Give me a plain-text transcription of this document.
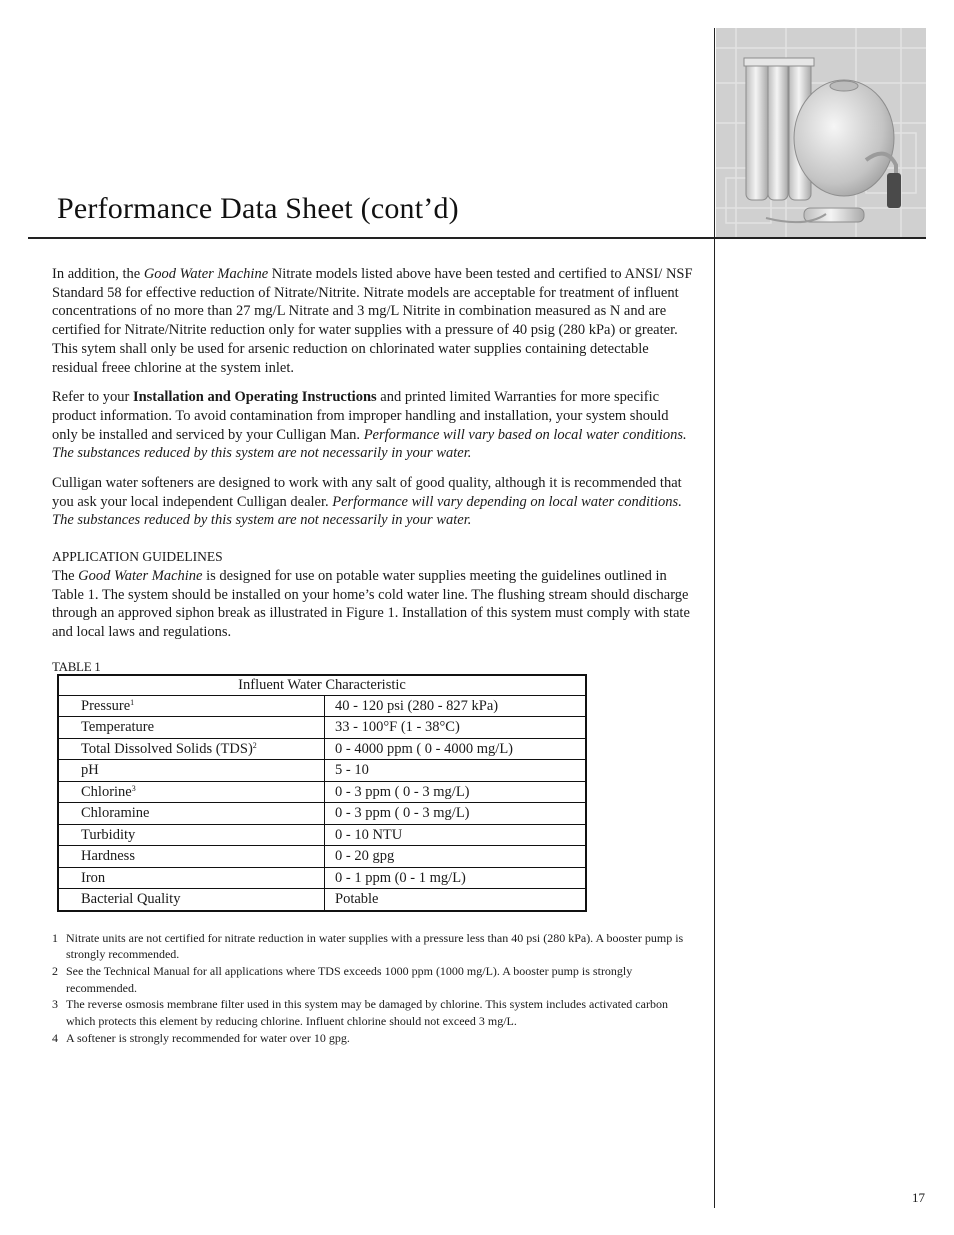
Performance Data Sheet (cont’d)

In addition, the Good Water Machine Nitrate models listed above have been tested and certified to ANSI/ NSF Standard 58 for effective reduction of Nitrate/Nitrite. Nitrate models are acceptable for treatment of influent concentrations of no more than 27 mg/L Nitrate and 3 mg/L Nitrite in combination measured as N and are certified for Nitrate/Nitrite reduction only for water supplies with a pressure of 40 psig (280 kPa) or greater.

This sytem shall only be used for arsenic reduction on chlorinated water supplies containing detectable residual freee chlorine at the system inlet.

Refer to your Installation and Operating Instructions and printed limited Warranties for more specific product information. To avoid contamination from improper handling and installation, your system should only be installed and serviced by your Culligan Man. Performance will vary based on local water conditions. The substances reduced by this system are not necessarily in your water.

Culligan water softeners are designed to work with any salt of good quality, although it is recommended that you ask your local independent Culligan dealer. Performance will vary depending on local water conditions. The substances reduced by this system are not necessarily in your water.

APPLICATION GUIDELINES

The Good Water Machine is designed for use on potable water supplies meeting the guidelines outlined in Table 1. The system should be installed on your home’s cold water line. The flushing stream should discharge through an approved siphon break as illustrated in Figure 1. Installation of this system must comply with state and local laws and regulations.

TABLE 1
Influent Water Characteristic	
Pressure$^1$	40 - 120 psi (280 - 827 kPa)
Temperature	33 - 100°F (1 - 38°C)
Total Dissolved Solids (TDS)$^2$	0 - 4000 ppm ( 0 - 4000 mg/L)
pH	5 - 10
Chlorine$^3$	0 - 3 ppm ( 0 - 3 mg/L)
Chloramine	0 - 3 ppm ( 0 - 3 mg/L)
Turbidity	0 - 10 NTU
Hardness	0 - 20 gpg
Iron	0 - 1 ppm (0 - 1 mg/L)
Bacterial Quality	Potable
1 Nitrate units are not certified for nitrate reduction in water supplies with a pressure less than 40 psi (280 kPa). A booster pump is strongly recommended.
2 See the Technical Manual for all applications where TDS exceeds 1000 ppm (1000 mg/L). A booster pump is strongly recommended.
3 The reverse osmosis membrane filter used in this system may be damaged by chlorine. This system includes activated carbon which protects this element by reducing chlorine. Influent chlorine should not exceed 3 mg/L.
4 A softener is strongly recommended for water over 10 gpg.
17
